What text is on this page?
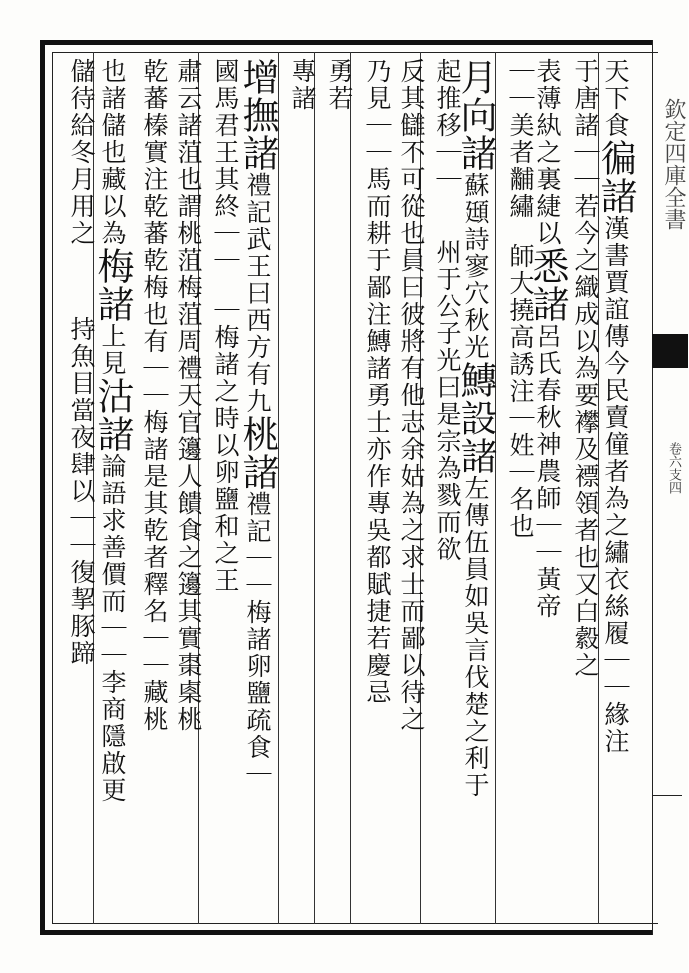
天下食徧諸漢書賈誼傳今民賣僮者為之繡衣絲履｜｜緣注
于唐諸｜｜若今之織成以為要襻及褾領者也又白縠之
表薄紈之裏緁以悉諸呂氏春秋神農師｜｜黃帝
｜｜美者黼繡　師大撓高誘注｜姓｜名也
月向諸蘇頲詩寥穴秋光鱄設諸左傳伍員如吳言伐楚之利于
起推移｜｜　　州于公子光曰是宗為戮而欲
反其讎不可從也員曰彼將有他志余姑為之求士而鄙以待之
乃見｜｜馬而耕于鄙注鱄諸勇士亦作專吳都賦捷若慶忌
勇若
專諸
增撫諸禮記武王曰西方有九桃諸禮記｜｜梅諸卵鹽疏食｜
國馬君王其終｜｜　｜梅諸之時以卵鹽和之王
肅云諸菹也謂桃菹梅菹周禮天官籩人饋食之籩其實棗㮚桃
乾蕃榛實注乾蕃乾梅也有｜｜梅諸是其乾者釋名｜｜藏桃
也諸儲也藏以為梅諸上見沽諸論語求善價而｜｜李商隱啟更
儲待給冬月用之　　　持魚目當夜肆以｜｜復挈豚蹄
欽定四庫全書
卷六支四
